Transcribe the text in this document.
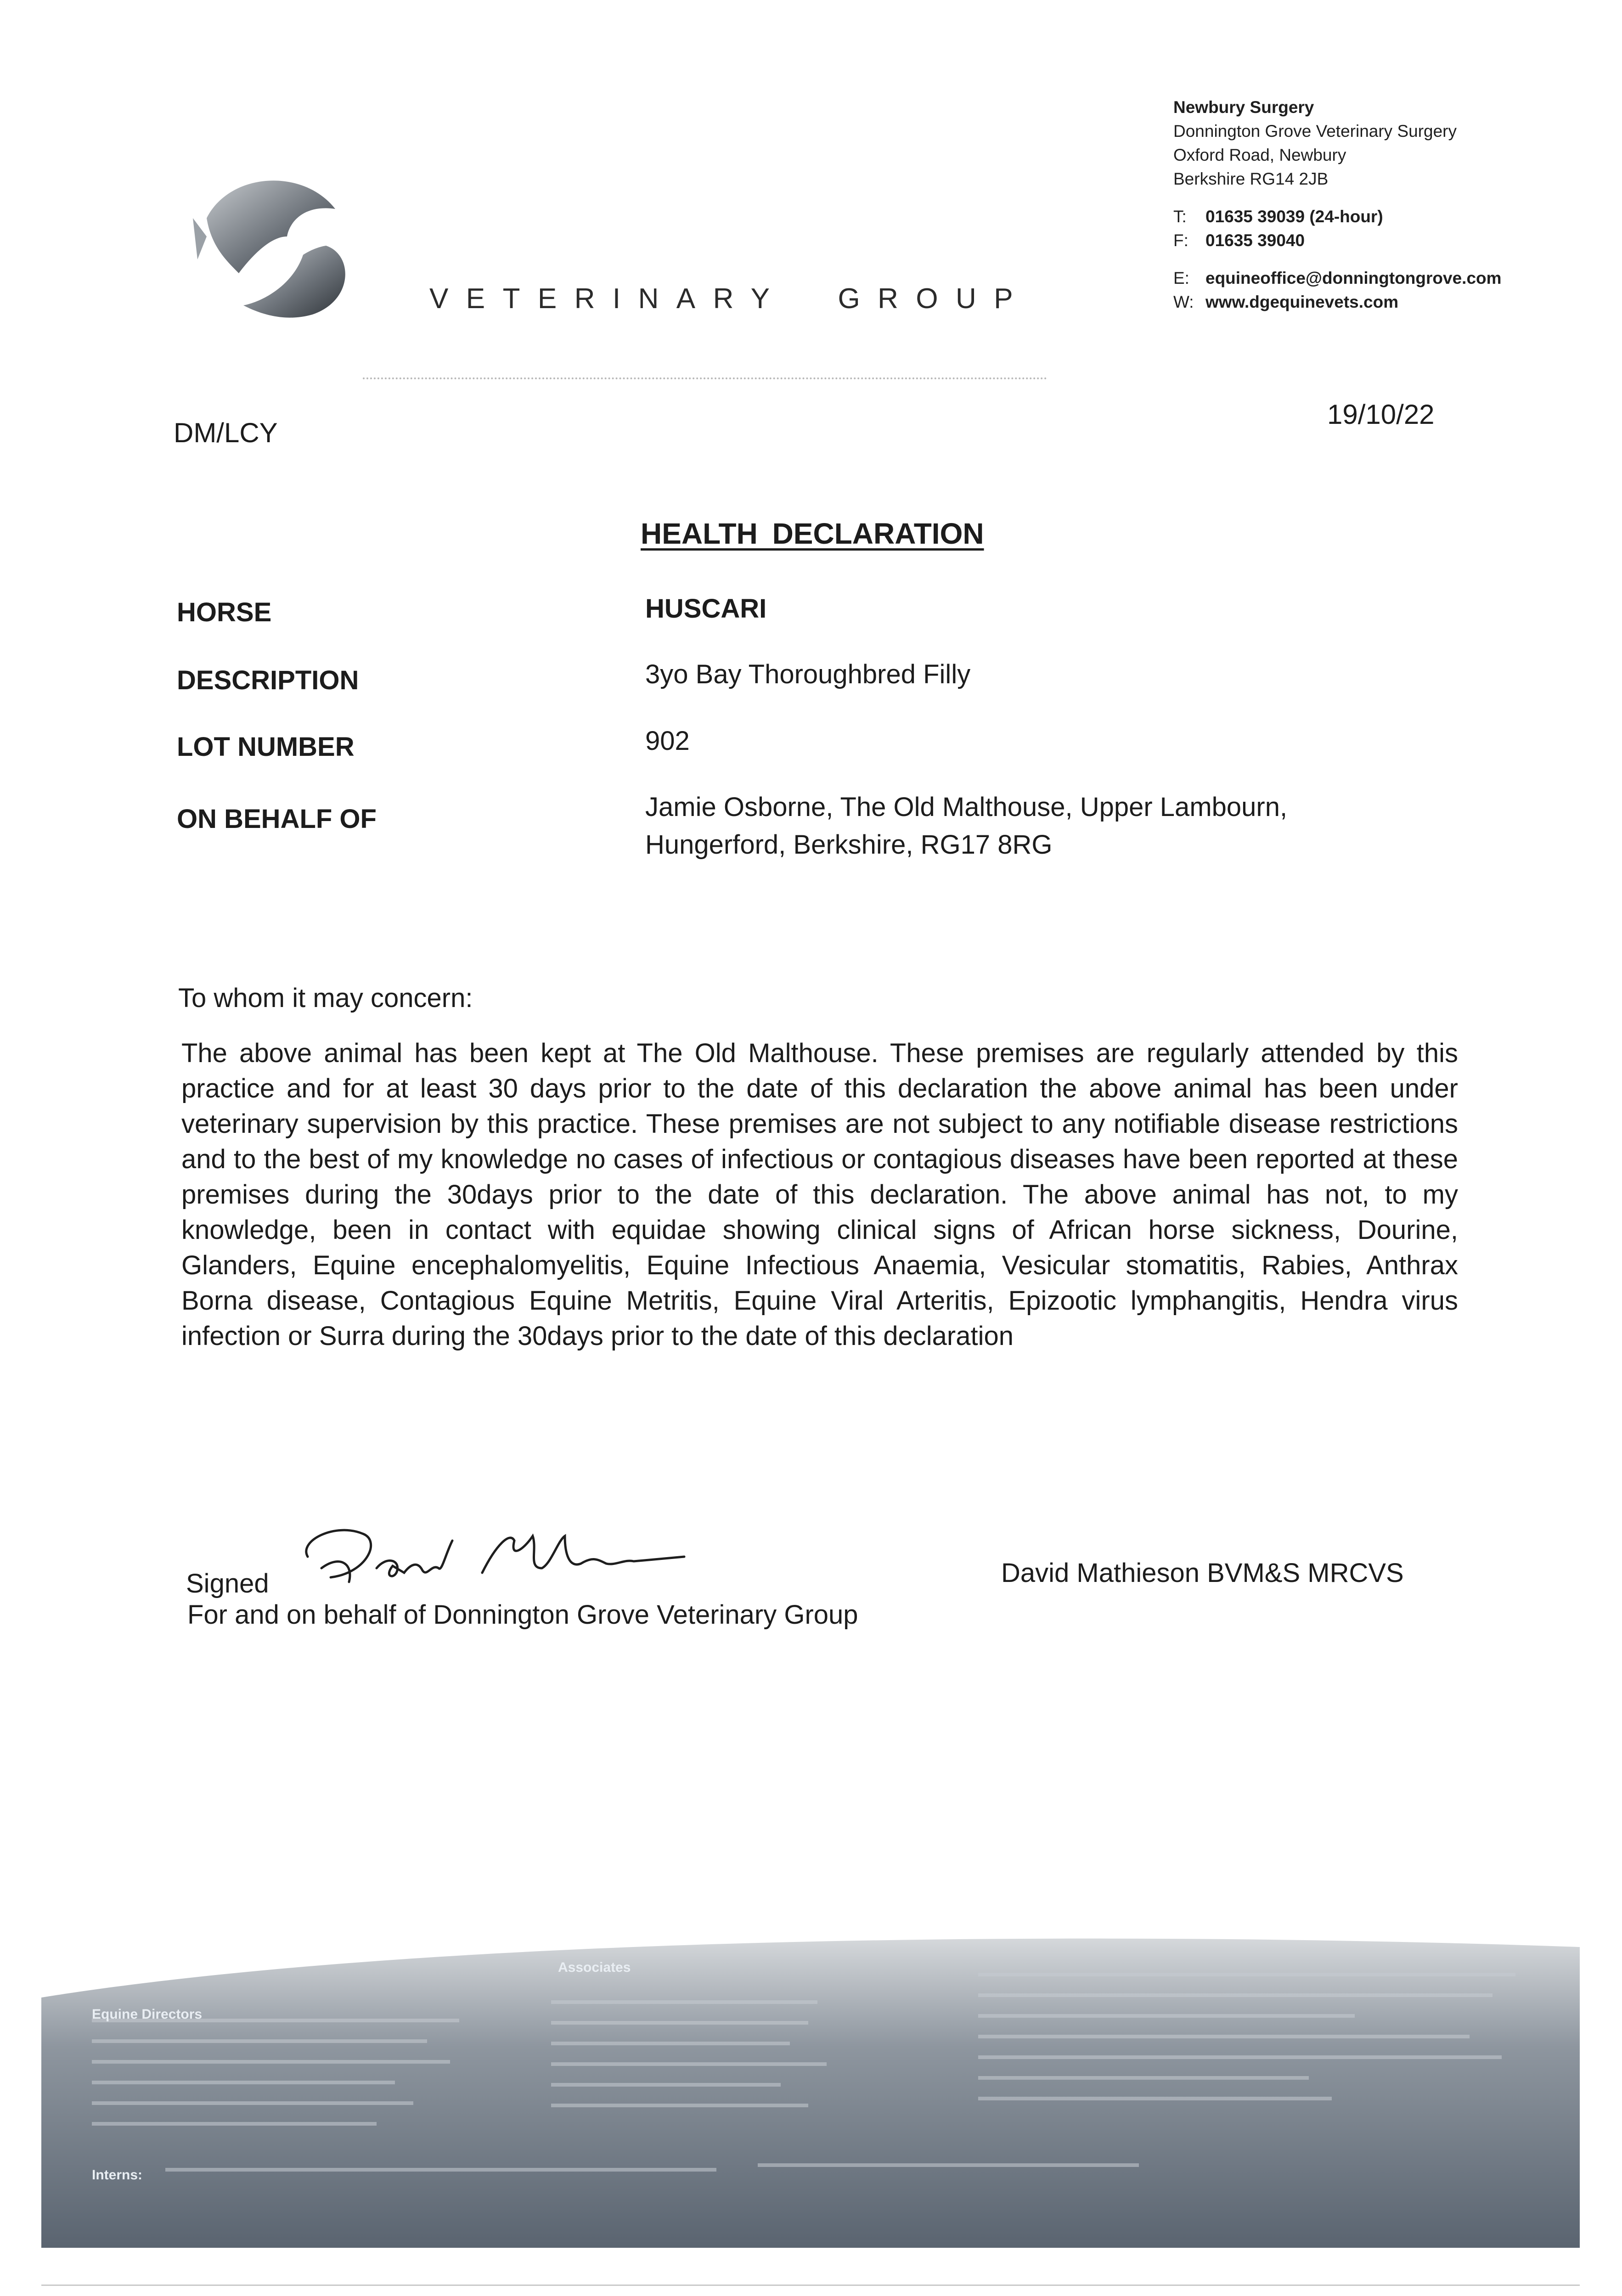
VETERINARY GROUP
Newbury Surgery
Donnington Grove Veterinary Surgery
Oxford Road, Newbury
Berkshire RG14 2JB
T: 01635 39039 (24-hour)
F: 01635 39040
E: equineoffice@donningtongrove.com
W: www.dgequinevets.com
DM/LCY
19/10/22
HEALTH DECLARATION
HORSE	HUSCARI
DESCRIPTION	3yo Bay Thoroughbred Filly
LOT NUMBER	902
ON BEHALF OF	Jamie Osborne, The Old Malthouse, Upper Lambourn,
Hungerford, Berkshire, RG17 8RG
To whom it may concern:
The above animal has been kept at The Old Malthouse. These premises are regularly attended by this practice and for at least 30 days prior to the date of this declaration the above animal has been under veterinary supervision by this practice. These premises are not subject to any notifiable disease restrictions and to the best of my knowledge no cases of infectious or contagious diseases have been reported at these premises during the 30days prior to the date of this declaration. The above animal has not, to my knowledge, been in contact with equidae showing clinical signs of African horse sickness, Dourine, Glanders, Equine encephalomyelitis, Equine Infectious Anaemia, Vesicular stomatitis, Rabies, Anthrax Borna disease, Contagious Equine Metritis, Equine Viral Arteritis, Epizootic lymphangitis, Hendra virus infection or Surra during the 30days prior to the date of this declaration
Signed	David Mathieson BVM&S MRCVS
For and on behalf of Donnington Grove Veterinary Group
Equine Directors
Associates
Interns:
